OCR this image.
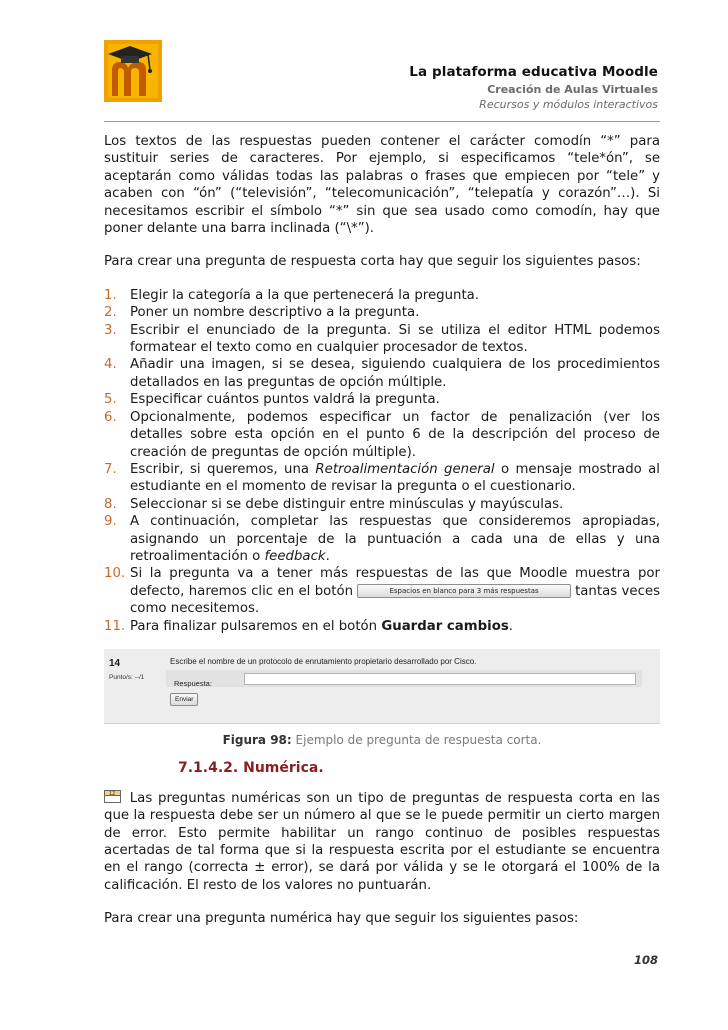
La plataforma educativa Moodle
Creación de Aulas Virtuales
Recursos y módulos interactivos

Los textos de las respuestas pueden contener el carácter comodín “*” para sustituir series de caracteres. Por ejemplo, si especificamos “tele*ón”, se aceptarán como válidas todas las palabras o frases que empiecen por “tele” y acaben con “ón” (“televisión”, “telecomunicación”, “telepatía y corazón”…). Si necesitamos escribir el símbolo “*” sin que sea usado como comodín, hay que poner delante una barra inclinada (“\*”).

Para crear una pregunta de respuesta corta hay que seguir los siguientes pasos:

1. Elegir la categoría a la que pertenecerá la pregunta.
2. Poner un nombre descriptivo a la pregunta.
3. Escribir el enunciado de la pregunta. Si se utiliza el editor HTML podemos formatear el texto como en cualquier procesador de textos.
4. Añadir una imagen, si se desea, siguiendo cualquiera de los procedimientos detallados en las preguntas de opción múltiple.
5. Especificar cuántos puntos valdrá la pregunta.
6. Opcionalmente, podemos especificar un factor de penalización (ver los detalles sobre esta opción en el punto 6 de la descripción del proceso de creación de preguntas de opción múltiple).
7. Escribir, si queremos, una Retroalimentación general o mensaje mostrado al estudiante en el momento de revisar la pregunta o el cuestionario.
8. Seleccionar si se debe distinguir entre minúsculas y mayúsculas.
9. A continuación, completar las respuestas que consideremos apropiadas, asignando un porcentaje de la puntuación a cada una de ellas y una retroalimentación o feedback.
10. Si la pregunta va a tener más respuestas de las que Moodle muestra por defecto, haremos clic en el botón	Espacios en blanco para 3 más respuestas	tantas veces como necesitemos.
11. Para finalizar pulsaremos en el botón Guardar cambios.
14
Punto/s: --/1
Escribe el nombre de un protocolo de enrutamiento propietario desarrollado por Cisco.
Respuesta:
Enviar
Figura 98: Ejemplo de pregunta de respuesta corta.
7.1.4.2. Numérica.

12 Las preguntas numéricas son un tipo de preguntas de respuesta corta en las que la respuesta debe ser un número al que se le puede permitir un cierto margen de error. Esto permite habilitar un rango continuo de posibles respuestas acertadas de tal forma que si la respuesta escrita por el estudiante se encuentra en el rango (correcta ± error), se dará por válida y se le otorgará el 100% de la calificación. El resto de los valores no puntuarán.

Para crear una pregunta numérica hay que seguir los siguientes pasos:

108
